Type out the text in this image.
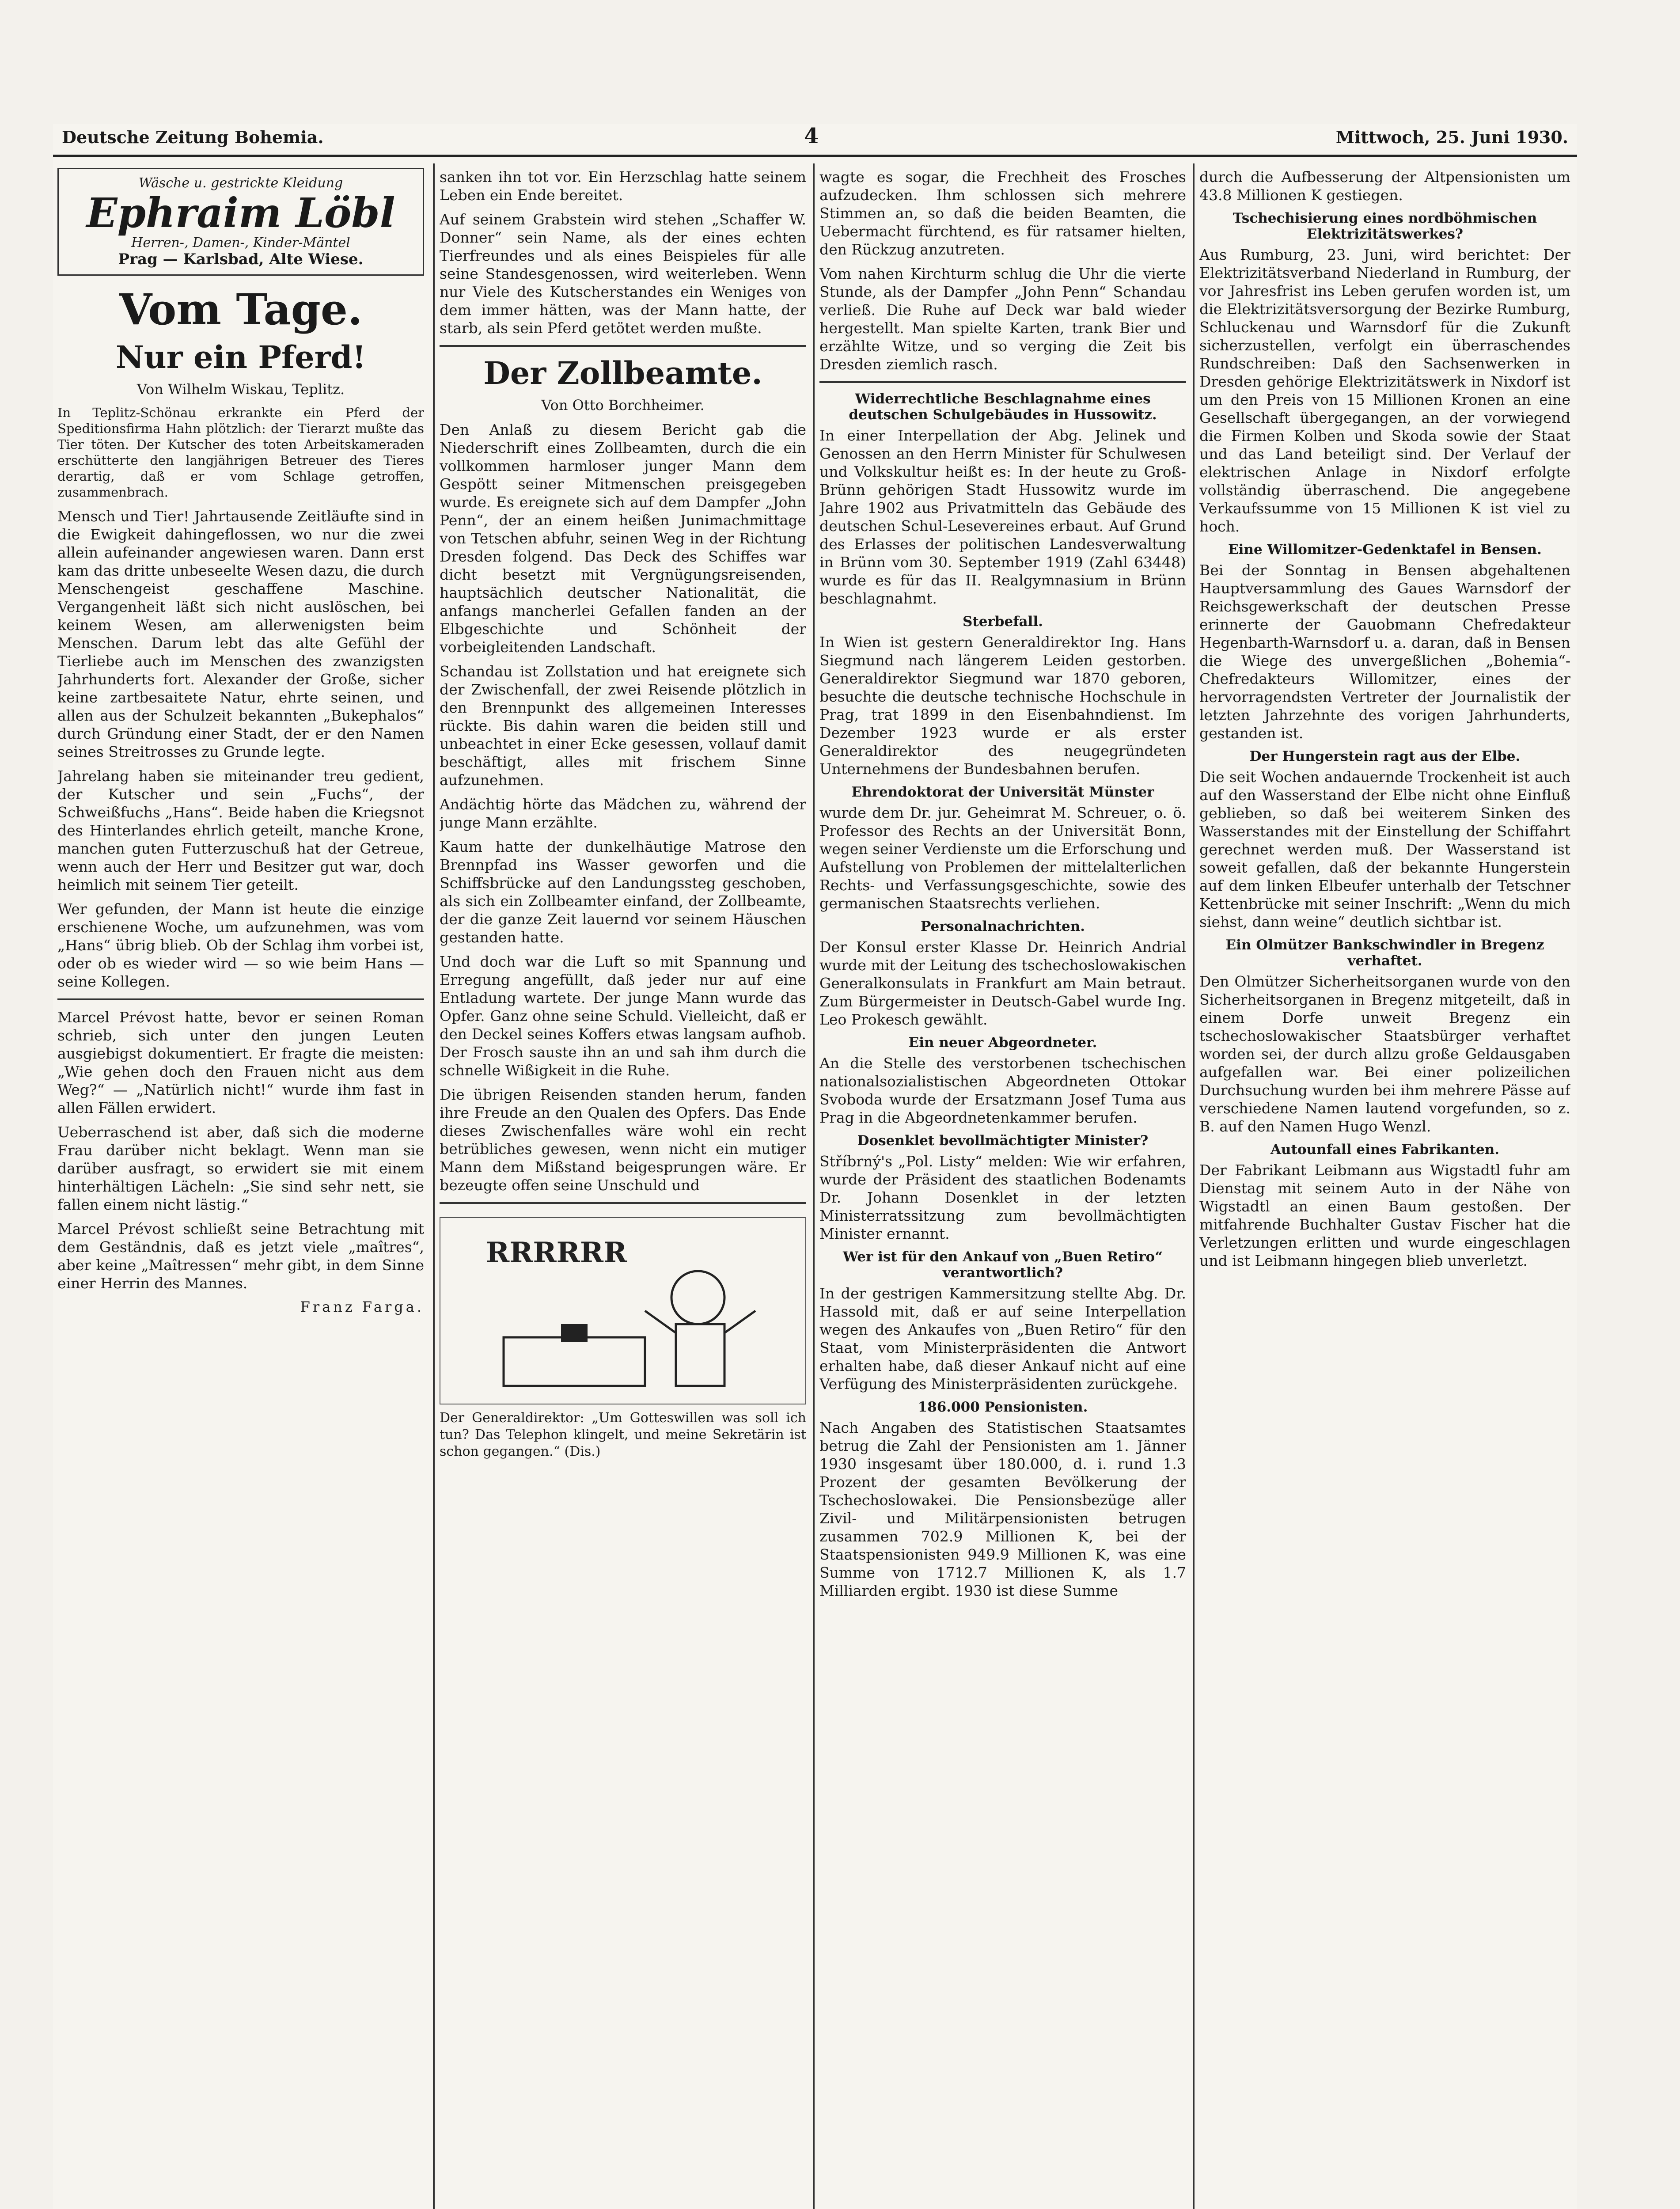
Deutsche Zeitung Bohemia.	4	Mittwoch, 25. Juni 1930.
Wäsche u. gestrickte Kleidung
Ephraim Löbl
Herren-, Damen-, Kinder-Mäntel
Prag — Karlsbad, Alte Wiese.
Vom Tage.
Nur ein Pferd!
Von Wilhelm Wiskau, Teplitz.
In Teplitz-Schönau erkrankte ein Pferd der Speditionsfirma Hahn plötzlich: der Tierarzt mußte das Tier töten. Der Kutscher des toten Arbeitskameraden erschütterte den langjährigen Betreuer des Tieres derartig, daß er vom Schlage getroffen, zusammenbrach.

Mensch und Tier! Jahrtausende Zeitläufte sind in die Ewigkeit dahingeflossen, wo nur die zwei allein aufeinander angewiesen waren. Dann erst kam das dritte unbeseelte Wesen dazu, die durch Menschengeist geschaffene Maschine. Vergangenheit läßt sich nicht auslöschen, bei keinem Wesen, am allerwenigsten beim Menschen. Darum lebt das alte Gefühl der Tierliebe auch im Menschen des zwanzigsten Jahrhunderts fort. Alexander der Große, sicher keine zartbesaitete Natur, ehrte seinen, und allen aus der Schulzeit bekannten „Bukephalos“ durch Gründung einer Stadt, der er den Namen seines Streitrosses zu Grunde legte.

Jahrelang haben sie miteinander treu gedient, der Kutscher und sein „Fuchs“, der Schweißfuchs „Hans“. Beide haben die Kriegsnot des Hinterlandes ehrlich geteilt, manche Krone, manchen guten Futterzuschuß hat der Getreue, wenn auch der Herr und Besitzer gut war, doch heimlich mit seinem Tier geteilt.

Wer gefunden, der Mann ist heute die einzige erschienene Woche, um aufzunehmen, was vom „Hans“ übrig blieb. Ob der Schlag ihm vorbei ist, oder ob es wieder wird — so wie beim Hans — seine Kollegen.

Marcel Prévost hatte, bevor er seinen Roman schrieb, sich unter den jungen Leuten ausgiebigst dokumentiert. Er fragte die meisten: „Wie gehen doch den Frauen nicht aus dem Weg?“ — „Natürlich nicht!“ wurde ihm fast in allen Fällen erwidert.

Ueberraschend ist aber, daß sich die moderne Frau darüber nicht beklagt. Wenn man sie darüber ausfragt, so erwidert sie mit einem hinterhältigen Lächeln: „Sie sind sehr nett, sie fallen einem nicht lästig.“

Marcel Prévost schließt seine Betrachtung mit dem Geständnis, daß es jetzt viele „maîtres“, aber keine „Maîtressen“ mehr gibt, in dem Sinne einer Herrin des Mannes.

Franz Farga.

sanken ihn tot vor. Ein Herzschlag hatte seinem Leben ein Ende bereitet.

Auf seinem Grabstein wird stehen „Schaffer W. Donner“ sein Name, als der eines echten Tierfreundes und als eines Beispieles für alle seine Standesgenossen, wird weiterleben. Wenn nur Viele des Kutscherstandes ein Weniges von dem immer hätten, was der Mann hatte, der starb, als sein Pferd getötet werden mußte.

Der Zollbeamte.
Von Otto Borchheimer.

Den Anlaß zu diesem Bericht gab die Niederschrift eines Zollbeamten, durch die ein vollkommen harmloser junger Mann dem Gespött seiner Mitmenschen preisgegeben wurde. Es ereignete sich auf dem Dampfer „John Penn“, der an einem heißen Junimachmittage von Tetschen abfuhr, seinen Weg in der Richtung Dresden folgend. Das Deck des Schiffes war dicht besetzt mit Vergnügungsreisenden, hauptsächlich deutscher Nationalität, die anfangs mancherlei Gefallen fanden an der Elbgeschichte und Schönheit der vorbeigleitenden Landschaft.

Schandau ist Zollstation und hat ereignete sich der Zwischenfall, der zwei Reisende plötzlich in den Brennpunkt des allgemeinen Interesses rückte. Bis dahin waren die beiden still und unbeachtet in einer Ecke gesessen, vollauf damit beschäftigt, alles mit frischem Sinne aufzunehmen.

Andächtig hörte das Mädchen zu, während der junge Mann erzählte.

Kaum hatte der dunkelhäutige Matrose den Brennpfad ins Wasser geworfen und die Schiffsbrücke auf den Landungssteg geschoben, als sich ein Zollbeamter einfand, der Zollbeamte, der die ganze Zeit lauernd vor seinem Häuschen gestanden hatte.

Und doch war die Luft so mit Spannung und Erregung angefüllt, daß jeder nur auf eine Entladung wartete. Der junge Mann wurde das Opfer. Ganz ohne seine Schuld. Vielleicht, daß er den Deckel seines Koffers etwas langsam aufhob. Der Frosch sauste ihn an und sah ihm durch die schnelle Wißigkeit in die Ruhe.

Die übrigen Reisenden standen herum, fanden ihre Freude an den Qualen des Opfers. Das Ende dieses Zwischenfalles wäre wohl ein recht betrübliches gewesen, wenn nicht ein mutiger Mann dem Mißstand beigesprungen wäre. Er bezeugte offen seine Unschuld und

RRRRRR
Der Generaldirektor: „Um Gotteswillen was soll ich tun? Das Telephon klingelt, und meine Sekretärin ist schon gegangen.“ (Dis.)

wagte es sogar, die Frechheit des Frosches aufzudecken. Ihm schlossen sich mehrere Stimmen an, so daß die beiden Beamten, die Uebermacht fürchtend, es für ratsamer hielten, den Rückzug anzutreten.

Vom nahen Kirchturm schlug die Uhr die vierte Stunde, als der Dampfer „John Penn“ Schandau verließ. Die Ruhe auf Deck war bald wieder hergestellt. Man spielte Karten, trank Bier und erzählte Witze, und so verging die Zeit bis Dresden ziemlich rasch.

Widerrechtliche Beschlagnahme eines deutschen Schulgebäudes in Hussowitz.

In einer Interpellation der Abg. Jelinek und Genossen an den Herrn Minister für Schulwesen und Volkskultur heißt es: In der heute zu Groß-Brünn gehörigen Stadt Hussowitz wurde im Jahre 1902 aus Privatmitteln das Gebäude des deutschen Schul-Lesevereines erbaut. Auf Grund des Erlasses der politischen Landesverwaltung in Brünn vom 30. September 1919 (Zahl 63448) wurde es für das II. Realgymnasium in Brünn beschlagnahmt.

Sterbefall.

In Wien ist gestern Generaldirektor Ing. Hans Siegmund nach längerem Leiden gestorben. Generaldirektor Siegmund war 1870 geboren, besuchte die deutsche technische Hochschule in Prag, trat 1899 in den Eisenbahndienst. Im Dezember 1923 wurde er als erster Generaldirektor des neugegründeten Unternehmens der Bundesbahnen berufen.

Ehrendoktorat der Universität Münster

wurde dem Dr. jur. Geheimrat M. Schreuer, o. ö. Professor des Rechts an der Universität Bonn, wegen seiner Verdienste um die Erforschung und Aufstellung von Problemen der mittelalterlichen Rechts- und Verfassungsgeschichte, sowie des germanischen Staatsrechts verliehen.

Personalnachrichten.

Der Konsul erster Klasse Dr. Heinrich Andrial wurde mit der Leitung des tschechoslowakischen Generalkonsulats in Frankfurt am Main betraut. Zum Bürgermeister in Deutsch-Gabel wurde Ing. Leo Prokesch gewählt.

Ein neuer Abgeordneter.

An die Stelle des verstorbenen tschechischen nationalsozialistischen Abgeordneten Ottokar Svoboda wurde der Ersatzmann Josef Tuma aus Prag in die Abgeordnetenkammer berufen.

Dosenklet bevollmächtigter Minister?

Stříbrný's „Pol. Listy“ melden: Wie wir erfahren, wurde der Präsident des staatlichen Bodenamts Dr. Johann Dosenklet in der letzten Ministerratssitzung zum bevollmächtigten Minister ernannt.

Wer ist für den Ankauf von „Buen Retiro“ verantwortlich?

In der gestrigen Kammersitzung stellte Abg. Dr. Hassold mit, daß er auf seine Interpellation wegen des Ankaufes von „Buen Retiro“ für den Staat, vom Ministerpräsidenten die Antwort erhalten habe, daß dieser Ankauf nicht auf eine Verfügung des Ministerpräsidenten zurückgehe.

186.000 Pensionisten.

Nach Angaben des Statistischen Staatsamtes betrug die Zahl der Pensionisten am 1. Jänner 1930 insgesamt über 180.000, d. i. rund 1.3 Prozent der gesamten Bevölkerung der Tschechoslowakei. Die Pensionsbezüge aller Zivil- und Militärpensionisten betrugen zusammen 702.9 Millionen K, bei der Staatspensionisten 949.9 Millionen K, was eine Summe von 1712.7 Millionen K, als 1.7 Milliarden ergibt. 1930 ist diese Summe

durch die Aufbesserung der Altpensionisten um 43.8 Millionen K gestiegen.

Tschechisierung eines nordböhmischen Elektrizitätswerkes?

Aus Rumburg, 23. Juni, wird berichtet: Der Elektrizitätsverband Niederland in Rumburg, der vor Jahresfrist ins Leben gerufen worden ist, um die Elektrizitätsversorgung der Bezirke Rumburg, Schluckenau und Warnsdorf für die Zukunft sicherzustellen, verfolgt ein überraschendes Rundschreiben: Daß den Sachsenwerken in Dresden gehörige Elektrizitätswerk in Nixdorf ist um den Preis von 15 Millionen Kronen an eine Gesellschaft übergegangen, an der vorwiegend die Firmen Kolben und Skoda sowie der Staat und das Land beteiligt sind. Der Verlauf der elektrischen Anlage in Nixdorf erfolgte vollständig überraschend. Die angegebene Verkaufssumme von 15 Millionen K ist viel zu hoch.

Eine Willomitzer-Gedenktafel in Bensen.

Bei der Sonntag in Bensen abgehaltenen Hauptversammlung des Gaues Warnsdorf der Reichsgewerkschaft der deutschen Presse erinnerte der Gauobmann Chefredakteur Hegenbarth-Warnsdorf u. a. daran, daß in Bensen die Wiege des unvergeßlichen „Bohemia“-Chefredakteurs Willomitzer, eines der hervorragendsten Vertreter der Journalistik der letzten Jahrzehnte des vorigen Jahrhunderts, gestanden ist.

Der Hungerstein ragt aus der Elbe.

Die seit Wochen andauernde Trockenheit ist auch auf den Wasserstand der Elbe nicht ohne Einfluß geblieben, so daß bei weiterem Sinken des Wasserstandes mit der Einstellung der Schiffahrt gerechnet werden muß. Der Wasserstand ist soweit gefallen, daß der bekannte Hungerstein auf dem linken Elbeufer unterhalb der Tetschner Kettenbrücke mit seiner Inschrift: „Wenn du mich siehst, dann weine“ deutlich sichtbar ist.

Ein Olmützer Bankschwindler in Bregenz verhaftet.

Den Olmützer Sicherheitsorganen wurde von den Sicherheitsorganen in Bregenz mitgeteilt, daß in einem Dorfe unweit Bregenz ein tschechoslowakischer Staatsbürger verhaftet worden sei, der durch allzu große Geldausgaben aufgefallen war. Bei einer polizeilichen Durchsuchung wurden bei ihm mehrere Pässe auf verschiedene Namen lautend vorgefunden, so z. B. auf den Namen Hugo Wenzl.

Autounfall eines Fabrikanten.

Der Fabrikant Leibmann aus Wigstadtl fuhr am Dienstag mit seinem Auto in der Nähe von Wigstadtl an einen Baum gestoßen. Der mitfahrende Buchhalter Gustav Fischer hat die Verletzungen erlitten und wurde eingeschlagen und ist Leibmann hingegen blieb unverletzt.
